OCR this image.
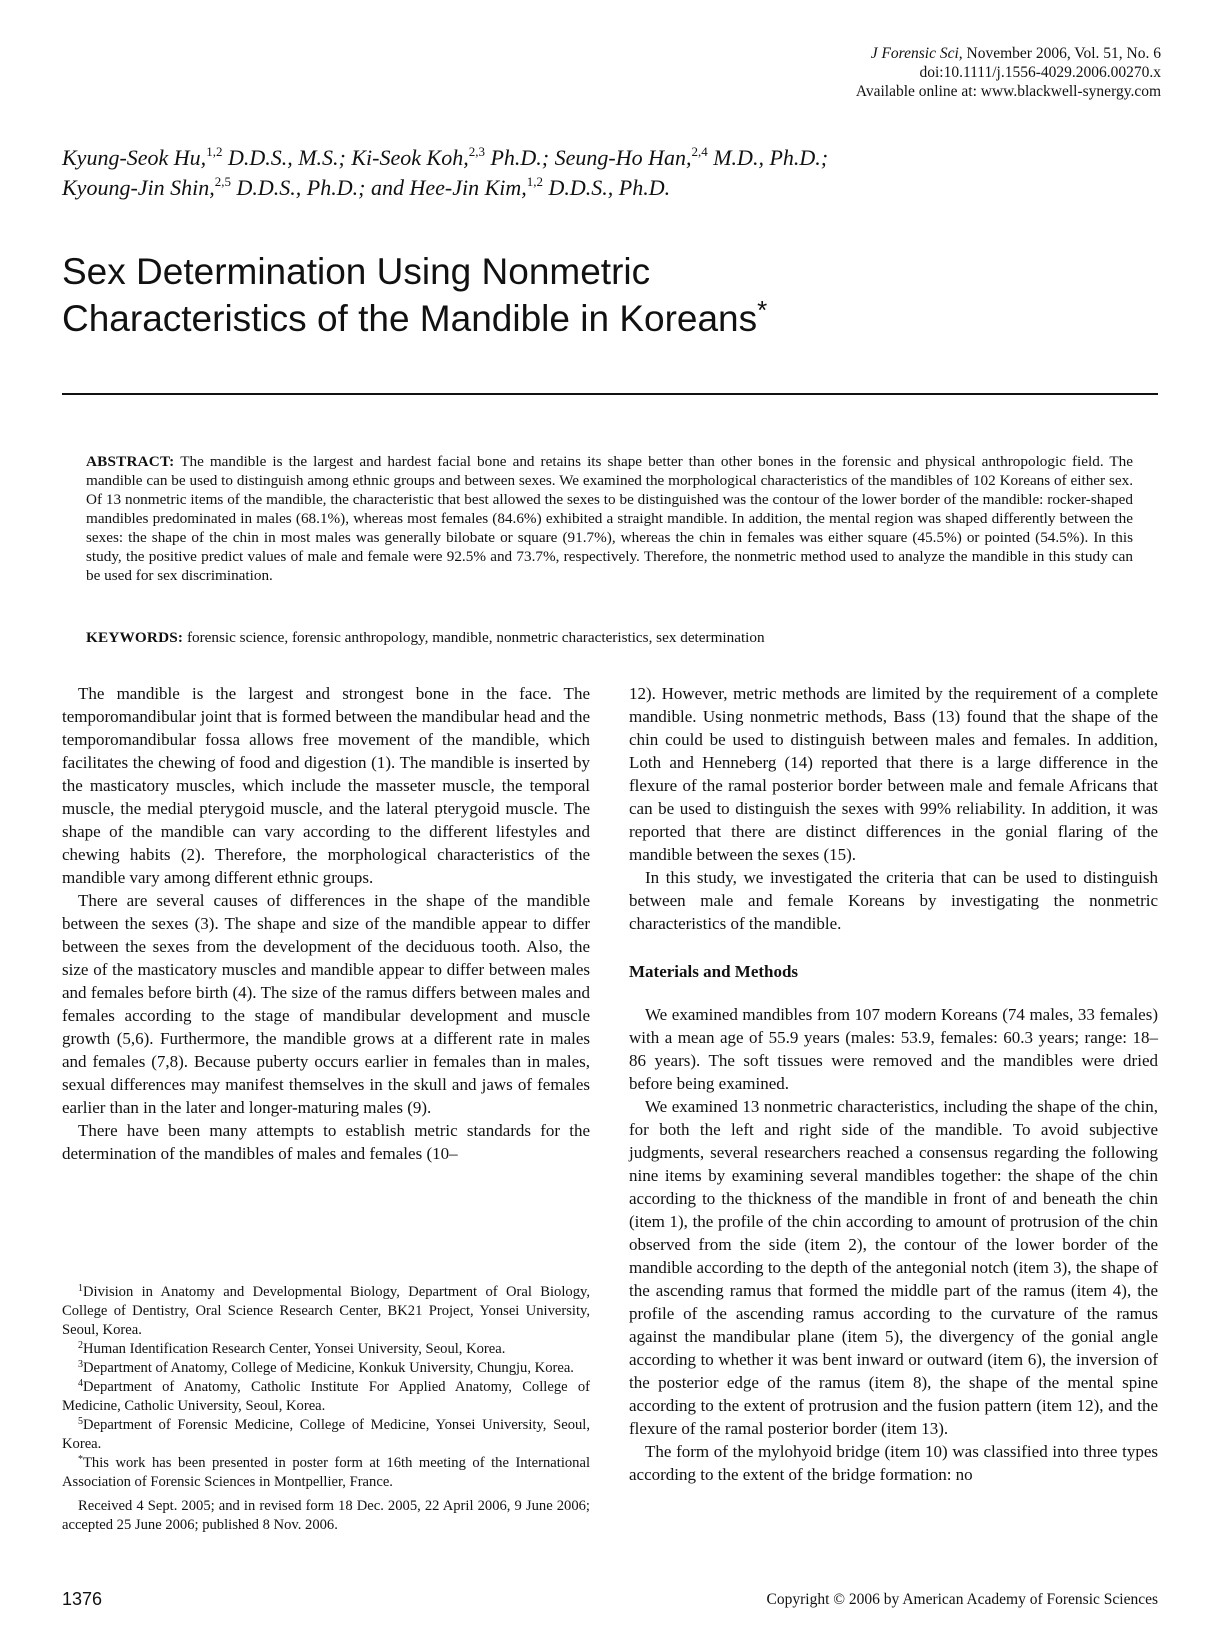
J Forensic Sci, November 2006, Vol. 51, No. 6
doi:10.1111/j.1556-4029.2006.00270.x
Available online at: www.blackwell-synergy.com
Kyung-Seok Hu,$^{1,2}$ D.D.S., M.S.; Ki-Seok Koh,$^{2,3}$ Ph.D.; Seung-Ho Han,$^{2,4}$ M.D., Ph.D.;
Kyoung-Jin Shin,$^{2,5}$ D.D.S., Ph.D.; and Hee-Jin Kim,$^{1,2}$ D.D.S., Ph.D.
Sex Determination Using Nonmetric
Characteristics of the Mandible in Koreans*

ABSTRACT: The mandible is the largest and hardest facial bone and retains its shape better than other bones in the forensic and physical anthropologic field. The mandible can be used to distinguish among ethnic groups and between sexes. We examined the morphological characteristics of the mandibles of 102 Koreans of either sex. Of 13 nonmetric items of the mandible, the characteristic that best allowed the sexes to be distinguished was the contour of the lower border of the mandible: rocker-shaped mandibles predominated in males (68.1%), whereas most females (84.6%) exhibited a straight mandible. In addition, the mental region was shaped differently between the sexes: the shape of the chin in most males was generally bilobate or square (91.7%), whereas the chin in females was either square (45.5%) or pointed (54.5%). In this study, the positive predict values of male and female were 92.5% and 73.7%, respectively. Therefore, the nonmetric method used to analyze the mandible in this study can be used for sex discrimination.

KEYWORDS: forensic science, forensic anthropology, mandible, nonmetric characteristics, sex determination

The mandible is the largest and strongest bone in the face. The temporomandibular joint that is formed between the mandibular head and the temporomandibular fossa allows free movement of the mandible, which facilitates the chewing of food and digestion (1). The mandible is inserted by the masticatory muscles, which include the masseter muscle, the temporal muscle, the medial pterygoid muscle, and the lateral pterygoid muscle. The shape of the mandible can vary according to the different lifestyles and chewing habits (2). Therefore, the morphological characteristics of the mandible vary among different ethnic groups.

There are several causes of differences in the shape of the mandible between the sexes (3). The shape and size of the mandible appear to differ between the sexes from the development of the deciduous tooth. Also, the size of the masticatory muscles and mandible appear to differ between males and females before birth (4). The size of the ramus differs between males and females according to the stage of mandibular development and muscle growth (5,6). Furthermore, the mandible grows at a different rate in males and females (7,8). Because puberty occurs earlier in females than in males, sexual differences may manifest themselves in the skull and jaws of females earlier than in the later and longer-maturing males (9).

There have been many attempts to establish metric standards for the determination of the mandibles of males and females (10–

12). However, metric methods are limited by the requirement of a complete mandible. Using nonmetric methods, Bass (13) found that the shape of the chin could be used to distinguish between males and females. In addition, Loth and Henneberg (14) reported that there is a large difference in the flexure of the ramal posterior border between male and female Africans that can be used to distinguish the sexes with 99% reliability. In addition, it was reported that there are distinct differences in the gonial flaring of the mandible between the sexes (15).

In this study, we investigated the criteria that can be used to distinguish between male and female Koreans by investigating the nonmetric characteristics of the mandible.

Materials and Methods

We examined mandibles from 107 modern Koreans (74 males, 33 females) with a mean age of 55.9 years (males: 53.9, females: 60.3 years; range: 18–86 years). The soft tissues were removed and the mandibles were dried before being examined.

We examined 13 nonmetric characteristics, including the shape of the chin, for both the left and right side of the mandible. To avoid subjective judgments, several researchers reached a consensus regarding the following nine items by examining several mandibles together: the shape of the chin according to the thickness of the mandible in front of and beneath the chin (item 1), the profile of the chin according to amount of protrusion of the chin observed from the side (item 2), the contour of the lower border of the mandible according to the depth of the antegonial notch (item 3), the shape of the ascending ramus that formed the middle part of the ramus (item 4), the profile of the ascending ramus according to the curvature of the ramus against the mandibular plane (item 5), the divergency of the gonial angle according to whether it was bent inward or outward (item 6), the inversion of the posterior edge of the ramus (item 8), the shape of the mental spine according to the extent of protrusion and the fusion pattern (item 12), and the flexure of the ramal posterior border (item 13).

The form of the mylohyoid bridge (item 10) was classified into three types according to the extent of the bridge formation: no

$^1$Division in Anatomy and Developmental Biology, Department of Oral Biology, College of Dentistry, Oral Science Research Center, BK21 Project, Yonsei University, Seoul, Korea.

$^2$Human Identification Research Center, Yonsei University, Seoul, Korea.

$^3$Department of Anatomy, College of Medicine, Konkuk University, Chungju, Korea.

$^4$Department of Anatomy, Catholic Institute For Applied Anatomy, College of Medicine, Catholic University, Seoul, Korea.

$^5$Department of Forensic Medicine, College of Medicine, Yonsei University, Seoul, Korea.

*This work has been presented in poster form at 16th meeting of the International Association of Forensic Sciences in Montpellier, France.

Received 4 Sept. 2005; and in revised form 18 Dec. 2005, 22 April 2006, 9 June 2006; accepted 25 June 2006; published 8 Nov. 2006.

1376	Copyright © 2006 by American Academy of Forensic Sciences
